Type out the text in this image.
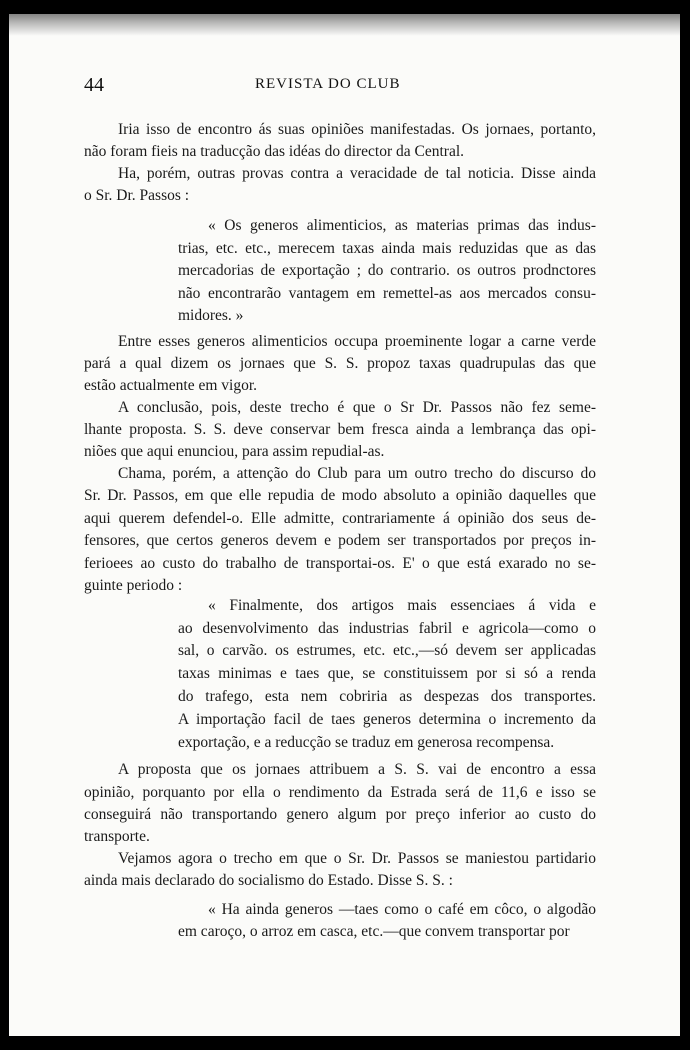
44	REVISTA DO CLUB
Iria isso de encontro ás suas opiniões manifestadas. Os jornaes, portanto,
não foram fieis na traducção das idéas do director da Central.
Ha, porém, outras provas contra a veracidade de tal noticia. Disse ainda
o Sr. Dr. Passos :
« Os generos alimenticios, as materias primas das indus-
trias, etc. etc., merecem taxas ainda mais reduzidas que as das
mercadorias de exportação ; do contrario. os outros prodnctores
não encontrarão vantagem em remettel-as aos mercados consu-
midores. »
Entre esses generos alimenticios occupa proeminente logar a carne verde
pará a qual dizem os jornaes que S. S. propoz taxas quadrupulas das que
estão actualmente em vigor.
A conclusão, pois, deste trecho é que o Sr Dr. Passos não fez seme-
lhante proposta. S. S. deve conservar bem fresca ainda a lembrança das opi-
niões que aqui enunciou, para assim repudial-as.
Chama, porém, a attenção do Club para um outro trecho do discurso do
Sr. Dr. Passos, em que elle repudia de modo absoluto a opinião daquelles que
aqui querem defendel-o. Elle admitte, contrariamente á opinião dos seus de-
fensores, que certos generos devem e podem ser transportados por preços in-
ferioees ao custo do trabalho de transportai-os. E' o que está exarado no se-
guinte periodo :
« Finalmente, dos artigos mais essenciaes á vida e
ao desenvolvimento das industrias fabril e agricola—como o
sal, o carvão. os estrumes, etc. etc.,—só devem ser applicadas
taxas minimas e taes que, se constituissem por si só a renda
do trafego, esta nem cobriria as despezas dos transportes.
A importação facil de taes generos determina o incremento da
exportação, e a reducção se traduz em generosa recompensa.
A proposta que os jornaes attribuem a S. S. vai de encontro a essa
opinião, porquanto por ella o rendimento da Estrada será de 11,6 e isso se
conseguirá não transportando genero algum por preço inferior ao custo do
transporte.
Vejamos agora o trecho em que o Sr. Dr. Passos se maniestou partidario
ainda mais declarado do socialismo do Estado. Disse S. S. :
« Ha ainda generos —taes como o café em côco, o algodão
em caroço, o arroz em casca, etc.—que convem transportar por
